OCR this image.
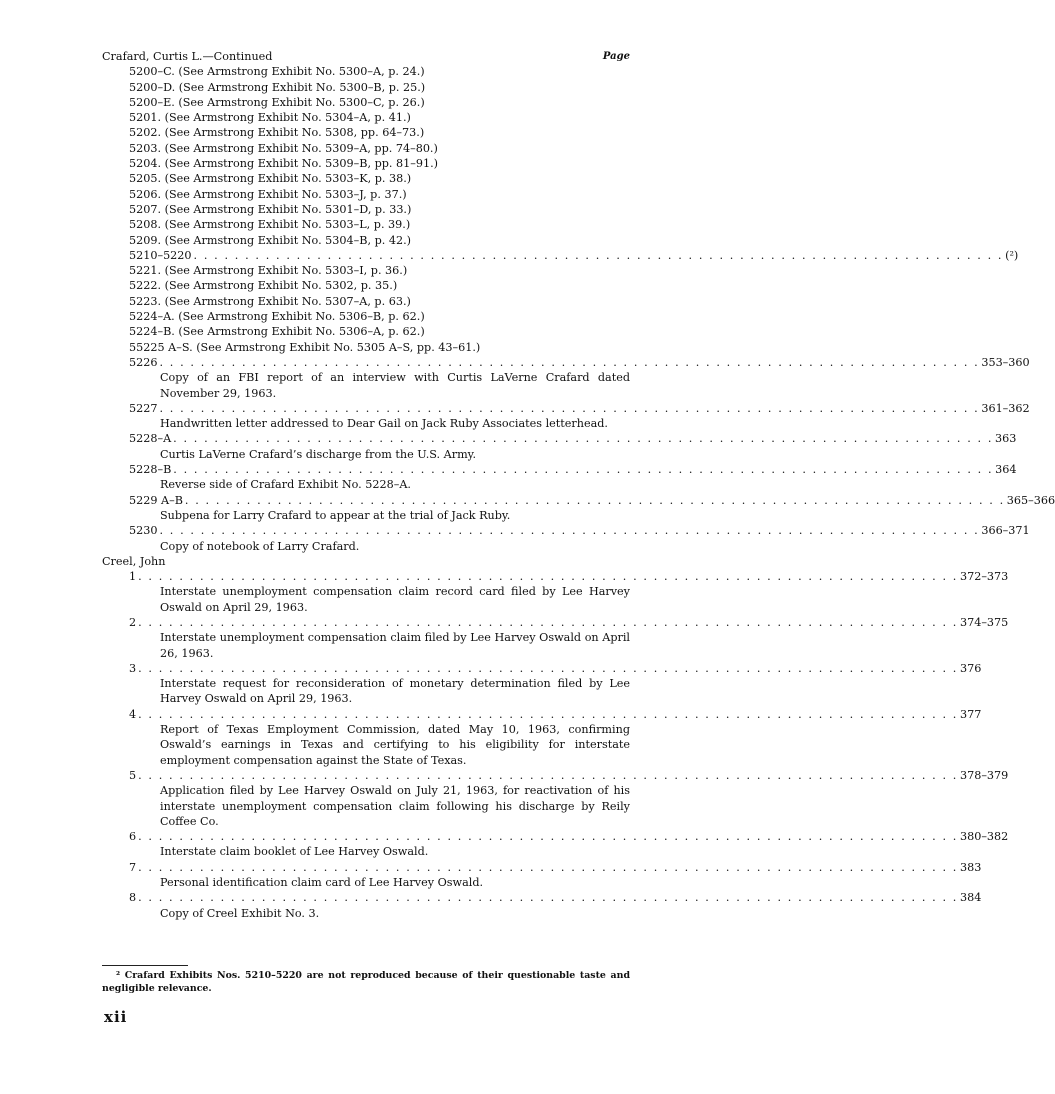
Crafard, Curtis L.—Continued	Page
5200–C. (See Armstrong Exhibit No. 5300–A, p. 24.)
5200–D. (See Armstrong Exhibit No. 5300–B, p. 25.)
5200–E. (See Armstrong Exhibit No. 5300–C, p. 26.)
5201. (See Armstrong Exhibit No. 5304–A, p. 41.)
5202. (See Armstrong Exhibit No. 5308, pp. 64–73.)
5203. (See Armstrong Exhibit No. 5309–A, pp. 74–80.)
5204. (See Armstrong Exhibit No. 5309–B, pp. 81–91.)
5205. (See Armstrong Exhibit No. 5303–K, p. 38.)
5206. (See Armstrong Exhibit No. 5303–J, p. 37.)
5207. (See Armstrong Exhibit No. 5301–D, p. 33.)
5208. (See Armstrong Exhibit No. 5303–L, p. 39.)
5209. (See Armstrong Exhibit No. 5304–B, p. 42.)
5210–5220 . . . . . . . . . . . . . . . . . . . . . . . . . . . . . . . . . . . . . . . . . . . . . . . . . . . . . . . . . . . . . . . . . . . . . . . . . . . . . . . (²)
5221. (See Armstrong Exhibit No. 5303–I, p. 36.)
5222. (See Armstrong Exhibit No. 5302, p. 35.)
5223. (See Armstrong Exhibit No. 5307–A, p. 63.)
5224–A. (See Armstrong Exhibit No. 5306–B, p. 62.)
5224–B. (See Armstrong Exhibit No. 5306–A, p. 62.)
55225 A–S. (See Armstrong Exhibit No. 5305 A–S, pp. 43–61.)
5226 . . . . . . . . . . . . . . . . . . . . . . . . . . . . . . . . . . . . . . . . . . . . . . . . . . . . . . . . . . . . . . . . . . . . . . . . . . . . . . . . 353–360

Copy of an FBI report of an interview with Curtis LaVerne Crafard dated November 29, 1963.

5227 . . . . . . . . . . . . . . . . . . . . . . . . . . . . . . . . . . . . . . . . . . . . . . . . . . . . . . . . . . . . . . . . . . . . . . . . . . . . . . . . 361–362

Handwritten letter addressed to Dear Gail on Jack Ruby Associates letterhead.

5228–A . . . . . . . . . . . . . . . . . . . . . . . . . . . . . . . . . . . . . . . . . . . . . . . . . . . . . . . . . . . . . . . . . . . . . . . . . . . . . . . . 363

Curtis LaVerne Crafard’s discharge from the U.S. Army.

5228–B . . . . . . . . . . . . . . . . . . . . . . . . . . . . . . . . . . . . . . . . . . . . . . . . . . . . . . . . . . . . . . . . . . . . . . . . . . . . . . . . 364

Reverse side of Crafard Exhibit No. 5228–A.

5229 A–B . . . . . . . . . . . . . . . . . . . . . . . . . . . . . . . . . . . . . . . . . . . . . . . . . . . . . . . . . . . . . . . . . . . . . . . . . . . . . . . . 365–366

Subpena for Larry Crafard to appear at the trial of Jack Ruby.

5230 . . . . . . . . . . . . . . . . . . . . . . . . . . . . . . . . . . . . . . . . . . . . . . . . . . . . . . . . . . . . . . . . . . . . . . . . . . . . . . . . 366–371

Copy of notebook of Larry Crafard.

Creel, John
1 . . . . . . . . . . . . . . . . . . . . . . . . . . . . . . . . . . . . . . . . . . . . . . . . . . . . . . . . . . . . . . . . . . . . . . . . . . . . . . . . 372–373

Interstate unemployment compensation claim record card filed by Lee Harvey Oswald on April 29, 1963.

2 . . . . . . . . . . . . . . . . . . . . . . . . . . . . . . . . . . . . . . . . . . . . . . . . . . . . . . . . . . . . . . . . . . . . . . . . . . . . . . . . 374–375

Interstate unemployment compensation claim filed by Lee Harvey Oswald on April 26, 1963.

3 . . . . . . . . . . . . . . . . . . . . . . . . . . . . . . . . . . . . . . . . . . . . . . . . . . . . . . . . . . . . . . . . . . . . . . . . . . . . . . . . 376

Interstate request for reconsideration of monetary determination filed by Lee Harvey Oswald on April 29, 1963.

4 . . . . . . . . . . . . . . . . . . . . . . . . . . . . . . . . . . . . . . . . . . . . . . . . . . . . . . . . . . . . . . . . . . . . . . . . . . . . . . . . 377

Report of Texas Employment Commission, dated May 10, 1963, confirming Oswald’s earnings in Texas and certifying to his eligibility for interstate employment compensation against the State of Texas.

5 . . . . . . . . . . . . . . . . . . . . . . . . . . . . . . . . . . . . . . . . . . . . . . . . . . . . . . . . . . . . . . . . . . . . . . . . . . . . . . . . 378–379

Application filed by Lee Harvey Oswald on July 21, 1963, for reactivation of his interstate unemployment compensation claim following his discharge by Reily Coffee Co.

6 . . . . . . . . . . . . . . . . . . . . . . . . . . . . . . . . . . . . . . . . . . . . . . . . . . . . . . . . . . . . . . . . . . . . . . . . . . . . . . . . 380–382

Interstate claim booklet of Lee Harvey Oswald.

7 . . . . . . . . . . . . . . . . . . . . . . . . . . . . . . . . . . . . . . . . . . . . . . . . . . . . . . . . . . . . . . . . . . . . . . . . . . . . . . . . 383

Personal identification claim card of Lee Harvey Oswald.

8 . . . . . . . . . . . . . . . . . . . . . . . . . . . . . . . . . . . . . . . . . . . . . . . . . . . . . . . . . . . . . . . . . . . . . . . . . . . . . . . . 384

Copy of Creel Exhibit No. 3.

² Crafard Exhibits Nos. 5210–5220 are not reproduced because of their questionable taste and negligible relevance.
xii
